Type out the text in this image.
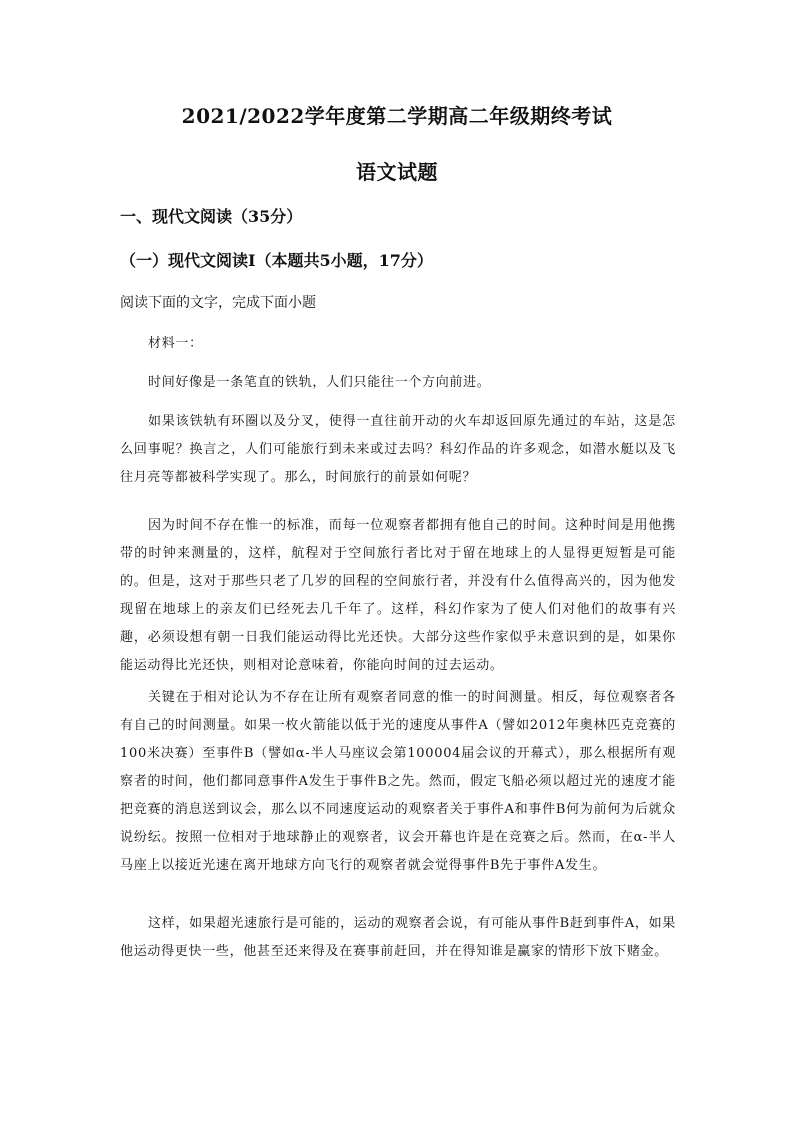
2021/2022学年度第二学期高二年级期终考试
语文试题
一、现代文阅读（35分）
（一）现代文阅读Ⅰ（本题共5小题，17分）
阅读下面的文字，完成下面小题

材料一：

时间好像是一条笔直的铁轨，人们只能往一个方向前进。

如果该铁轨有环圈以及分叉，使得一直往前开动的火车却返回原先通过的车站，这是怎么回事呢？换言之，人们可能旅行到未来或过去吗？科幻作品的许多观念，如潜水艇以及飞往月亮等都被科学实现了。那么，时间旅行的前景如何呢？

因为时间不存在惟一的标准，而每一位观察者都拥有他自己的时间。这种时间是用他携带的时钟来测量的，这样，航程对于空间旅行者比对于留在地球上的人显得更短暂是可能的。但是，这对于那些只老了几岁的回程的空间旅行者，并没有什么值得高兴的，因为他发现留在地球上的亲友们已经死去几千年了。这样，科幻作家为了使人们对他们的故事有兴趣，必须设想有朝一日我们能运动得比光还快。大部分这些作家似乎未意识到的是，如果你能运动得比光还快，则相对论意味着，你能向时间的过去运动。

关键在于相对论认为不存在让所有观察者同意的惟一的时间测量。相反，每位观察者各有自己的时间测量。如果一枚火箭能以低于光的速度从事件A（譬如2012年奥林匹克竞赛的100米决赛）至事件B（譬如α-半人马座议会第100004届会议的开幕式），那么根据所有观察者的时间，他们都同意事件A发生于事件B之先。然而，假定飞船必须以超过光的速度才能把竞赛的消息送到议会，那么以不同速度运动的观察者关于事件A和事件B何为前何为后就众说纷纭。按照一位相对于地球静止的观察者，议会开幕也许是在竞赛之后。然而，在α-半人马座上以接近光速在离开地球方向飞行的观察者就会觉得事件B先于事件A发生。

这样，如果超光速旅行是可能的，运动的观察者会说，有可能从事件B赶到事件A，如果他运动得更快一些，他甚至还来得及在赛事前赶回，并在得知谁是赢家的情形下放下赌金。
